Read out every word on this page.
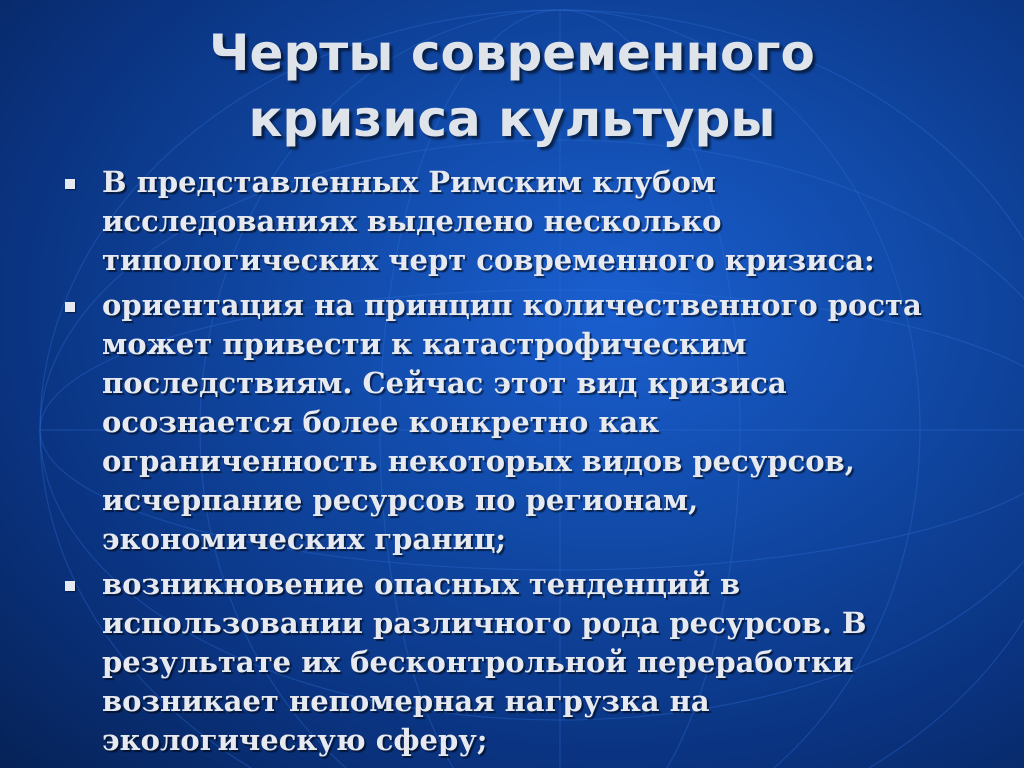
Черты современного
кризиса культуры
В представленных Римским клубом
исследованиях выделено несколько
типологических черт современного кризиса:
ориентация на принцип количественного роста
может привести к катастрофическим
последствиям. Сейчас этот вид кризиса
осознается более конкретно как
ограниченность некоторых видов ресурсов,
исчерпание ресурсов по регионам,
экономических границ;
возникновение опасных тенденций в
использовании различного рода ресурсов. В
результате их бесконтрольной переработки
возникает непомерная нагрузка на
экологическую сферу;
